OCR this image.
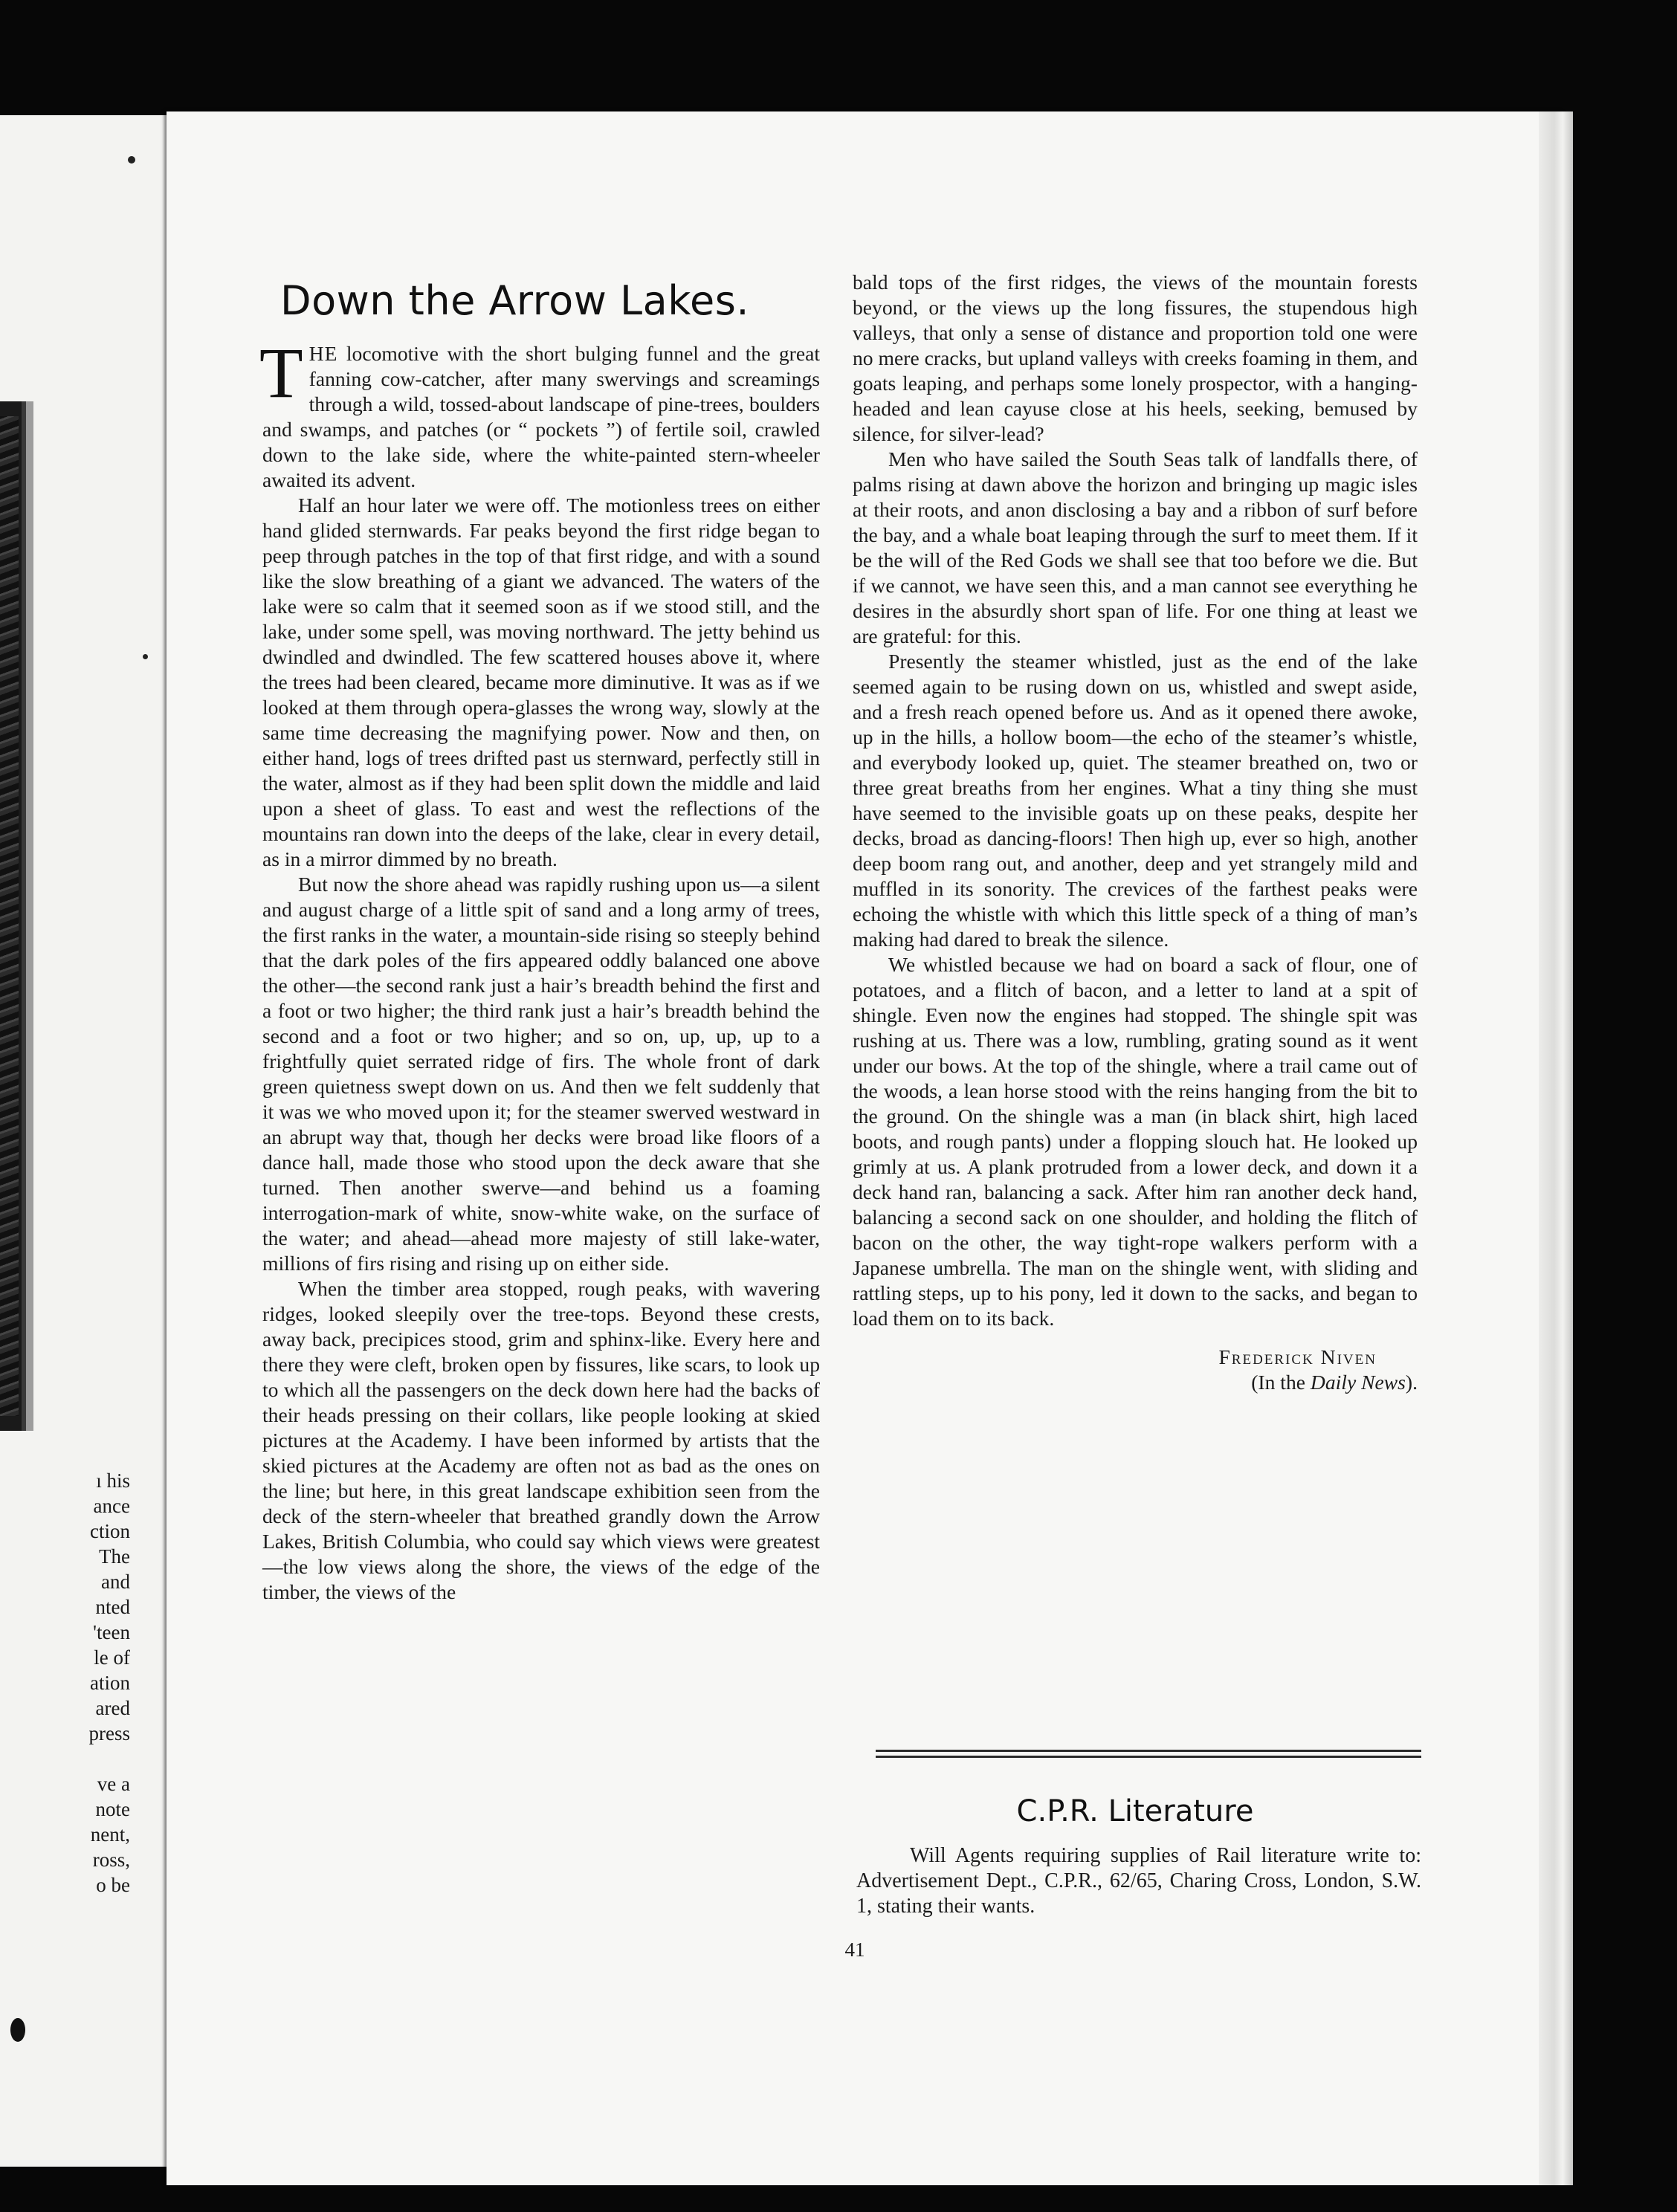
ı his
ance
ction
The
and
nted
'teen
le of
ation
ared
press
ve a
note
nent,
ross,
o be
Down the Arrow Lakes.

THE locomotive with the short bulging funnel and the great fanning cow-catcher, after many swervings and screamings through a wild, tossed-about landscape of pine-trees, boulders and swamps, and patches (or “ pockets ”) of fertile soil, crawled down to the lake side, where the white-painted stern-wheeler awaited its advent.

Half an hour later we were off. The motionless trees on either hand glided sternwards. Far peaks beyond the first ridge began to peep through patches in the top of that first ridge, and with a sound like the slow breathing of a giant we advanced. The waters of the lake were so calm that it seemed soon as if we stood still, and the lake, under some spell, was moving northward. The jetty behind us dwindled and dwindled. The few scattered houses above it, where the trees had been cleared, became more diminutive. It was as if we looked at them through opera-glasses the wrong way, slowly at the same time decreasing the magnifying power. Now and then, on either hand, logs of trees drifted past us sternward, perfectly still in the water, almost as if they had been split down the middle and laid upon a sheet of glass. To east and west the reflections of the mountains ran down into the deeps of the lake, clear in every detail, as in a mirror dimmed by no breath.

But now the shore ahead was rapidly rushing upon us—a silent and august charge of a little spit of sand and a long army of trees, the first ranks in the water, a mountain-side rising so steeply behind that the dark poles of the firs appeared oddly balanced one above the other—the second rank just a hair’s breadth behind the first and a foot or two higher; the third rank just a hair’s breadth behind the second and a foot or two higher; and so on, up, up, up to a frightfully quiet serrated ridge of firs. The whole front of dark green quietness swept down on us. And then we felt suddenly that it was we who moved upon it; for the steamer swerved westward in an abrupt way that, though her decks were broad like floors of a dance hall, made those who stood upon the deck aware that she turned. Then another swerve—and behind us a foaming interrogation-mark of white, snow-white wake, on the surface of the water; and ahead—ahead more majesty of still lake-water, millions of firs rising and rising up on either side.

When the timber area stopped, rough peaks, with wavering ridges, looked sleepily over the tree-tops. Beyond these crests, away back, precipices stood, grim and sphinx-like. Every here and there they were cleft, broken open by fissures, like scars, to look up to which all the passengers on the deck down here had the backs of their heads pressing on their collars, like people looking at skied pictures at the Academy. I have been informed by artists that the skied pictures at the Academy are often not as bad as the ones on the line; but here, in this great landscape exhibition seen from the deck of the stern-wheeler that breathed grandly down the Arrow Lakes, British Columbia, who could say which views were greatest—the low views along the shore, the views of the edge of the timber, the views of the

bald tops of the first ridges, the views of the mountain forests beyond, or the views up the long fissures, the stupendous high valleys, that only a sense of distance and proportion told one were no mere cracks, but upland valleys with creeks foaming in them, and goats leaping, and perhaps some lonely prospector, with a hanging-headed and lean cayuse close at his heels, seeking, bemused by silence, for silver-lead?

Men who have sailed the South Seas talk of landfalls there, of palms rising at dawn above the horizon and bringing up magic isles at their roots, and anon disclosing a bay and a ribbon of surf before the bay, and a whale boat leaping through the surf to meet them. If it be the will of the Red Gods we shall see that too before we die. But if we cannot, we have seen this, and a man cannot see everything he desires in the absurdly short span of life. For one thing at least we are grateful: for this.

Presently the steamer whistled, just as the end of the lake seemed again to be rusing down on us, whistled and swept aside, and a fresh reach opened before us. And as it opened there awoke, up in the hills, a hollow boom—the echo of the steamer’s whistle, and everybody looked up, quiet. The steamer breathed on, two or three great breaths from her engines. What a tiny thing she must have seemed to the invisible goats up on these peaks, despite her decks, broad as dancing-floors! Then high up, ever so high, another deep boom rang out, and another, deep and yet strangely mild and muffled in its sonority. The crevices of the farthest peaks were echoing the whistle with which this little speck of a thing of man’s making had dared to break the silence.

We whistled because we had on board a sack of flour, one of potatoes, and a flitch of bacon, and a letter to land at a spit of shingle. Even now the engines had stopped. The shingle spit was rushing at us. There was a low, rumbling, grating sound as it went under our bows. At the top of the shingle, where a trail came out of the woods, a lean horse stood with the reins hanging from the bit to the ground. On the shingle was a man (in black shirt, high laced boots, and rough pants) under a flopping slouch hat. He looked up grimly at us. A plank protruded from a lower deck, and down it a deck hand ran, balancing a sack. After him ran another deck hand, balancing a second sack on one shoulder, and holding the flitch of bacon on the other, the way tight-rope walkers perform with a Japanese umbrella. The man on the shingle went, with sliding and rattling steps, up to his pony, led it down to the sacks, and began to load them on to its back.

Frederick Niven
(In the Daily News).
C.P.R. Literature

Will Agents requiring supplies of Rail literature write to: Advertisement Dept., C.P.R., 62/65, Charing Cross, London, S.W. 1, stating their wants.

41
